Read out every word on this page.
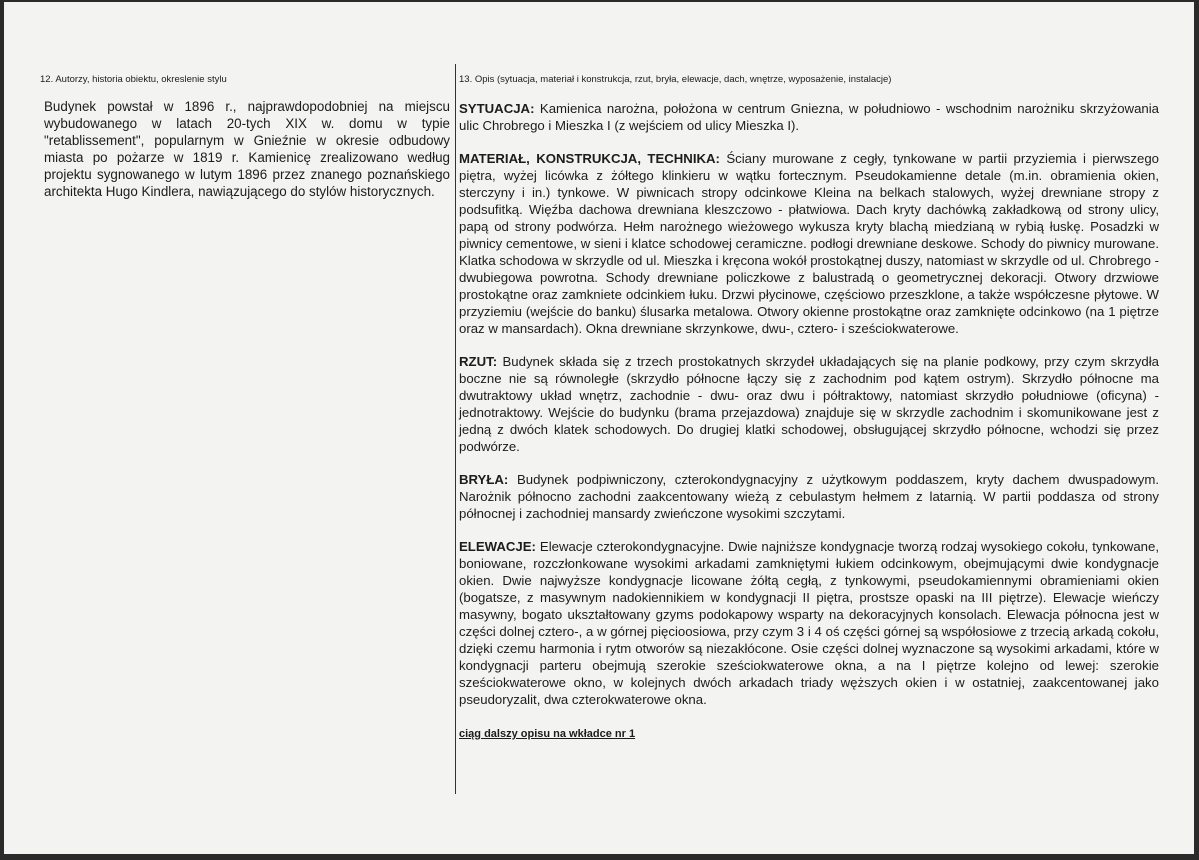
12. Autorzy, historia obiektu, okreslenie stylu	13. Opis (sytuacja, materiał i konstrukcja, rzut, bryła, elewacje, dach, wnętrze, wyposażenie, instalacje)
Budynek powstał w 1896 r., najprawdopodobniej na miejscu wybudowanego w latach 20-tych XIX w. domu w typie "retablissement", popularnym w Gnieźnie w okresie odbudowy miasta po pożarze w 1819 r. Kamienicę zrealizowano według projektu sygnowanego w lutym 1896 przez znanego poznańskiego architekta Hugo Kindlera, nawiązującego do stylów historycznych.

SYTUACJA: Kamienica narożna, położona w centrum Gniezna, w południowo - wschodnim narożniku skrzyżowania ulic Chrobrego i Mieszka I (z wejściem od ulicy Mieszka I).

MATERIAŁ, KONSTRUKCJA, TECHNIKA: Ściany murowane z cegły, tynkowane w partii przyziemia i pierwszego piętra, wyżej licówka z żółtego klinkieru w wątku fortecznym. Pseudokamienne detale (m.in. obramienia okien, sterczyny i in.) tynkowe. W piwnicach stropy odcinkowe Kleina na belkach stalowych, wyżej drewniane stropy z podsufitką. Więźba dachowa drewniana kleszczowo - płatwiowa. Dach kryty dachówką zakładkową od strony ulicy, papą od strony podwórza. Hełm narożnego wieżowego wykusza kryty blachą miedzianą w rybią łuskę. Posadzki w piwnicy cementowe, w sieni i klatce schodowej ceramiczne. podłogi drewniane deskowe. Schody do piwnicy murowane. Klatka schodowa w skrzydle od ul. Mieszka i kręcona wokół prostokątnej duszy, natomiast w skrzydle od ul. Chrobrego - dwubiegowa powrotna. Schody drewniane policzkowe z balustradą o geometrycznej dekoracji. Otwory drzwiowe prostokątne oraz zamkniete odcinkiem łuku. Drzwi płycinowe, częściowo przeszklone, a także współczesne płytowe. W przyziemiu (wejście do banku) ślusarka metalowa. Otwory okienne prostokątne oraz zamknięte odcinkowo (na 1 piętrze oraz w mansardach). Okna drewniane skrzynkowe, dwu-, cztero- i sześciokwaterowe.

RZUT: Budynek składa się z trzech prostokatnych skrzydeł układających się na planie podkowy, przy czym skrzydła boczne nie są równoległe (skrzydło północne łączy się z zachodnim pod kątem ostrym). Skrzydło północne ma dwutraktowy układ wnętrz, zachodnie - dwu- oraz dwu i półtraktowy, natomiast skrzydło południowe (oficyna) - jednotraktowy. Wejście do budynku (brama przejazdowa) znajduje się w skrzydle zachodnim i skomunikowane jest z jedną z dwóch klatek schodowych. Do drugiej klatki schodowej, obsługującej skrzydło północne, wchodzi się przez podwórze.

BRYŁA: Budynek podpiwniczony, czterokondygnacyjny z użytkowym poddaszem, kryty dachem dwuspadowym. Narożnik północno zachodni zaakcentowany wieżą z cebulastym hełmem z latarnią. W partii poddasza od strony północnej i zachodniej mansardy zwieńczone wysokimi szczytami.

ELEWACJE: Elewacje czterokondygnacyjne. Dwie najniższe kondygnacje tworzą rodzaj wysokiego cokołu, tynkowane, boniowane, rozczłonkowane wysokimi arkadami zamkniętymi łukiem odcinkowym, obejmującymi dwie kondygnacje okien. Dwie najwyższe kondygnacje licowane żółtą cegłą, z tynkowymi, pseudokamiennymi obramieniami okien (bogatsze, z masywnym nadokiennikiem w kondygnacji II piętra, prostsze opaski na III piętrze). Elewacje wieńczy masywny, bogato ukształtowany gzyms podokapowy wsparty na dekoracyjnych konsolach. Elewacja północna jest w części dolnej cztero-, a w górnej pięcioosiowa, przy czym 3 i 4 oś części górnej są współosiowe z trzecią arkadą cokołu, dzięki czemu harmonia i rytm otworów są niezakłócone. Osie części dolnej wyznaczone są wysokimi arkadami, które w kondygnacji parteru obejmują szerokie sześciokwaterowe okna, a na I piętrze kolejno od lewej: szerokie sześciokwaterowe okno, w kolejnych dwóch arkadach triady węższych okien i w ostatniej, zaakcentowanej jako pseudoryzalit, dwa czterokwaterowe okna.

ciąg dalszy opisu na wkładce nr 1
